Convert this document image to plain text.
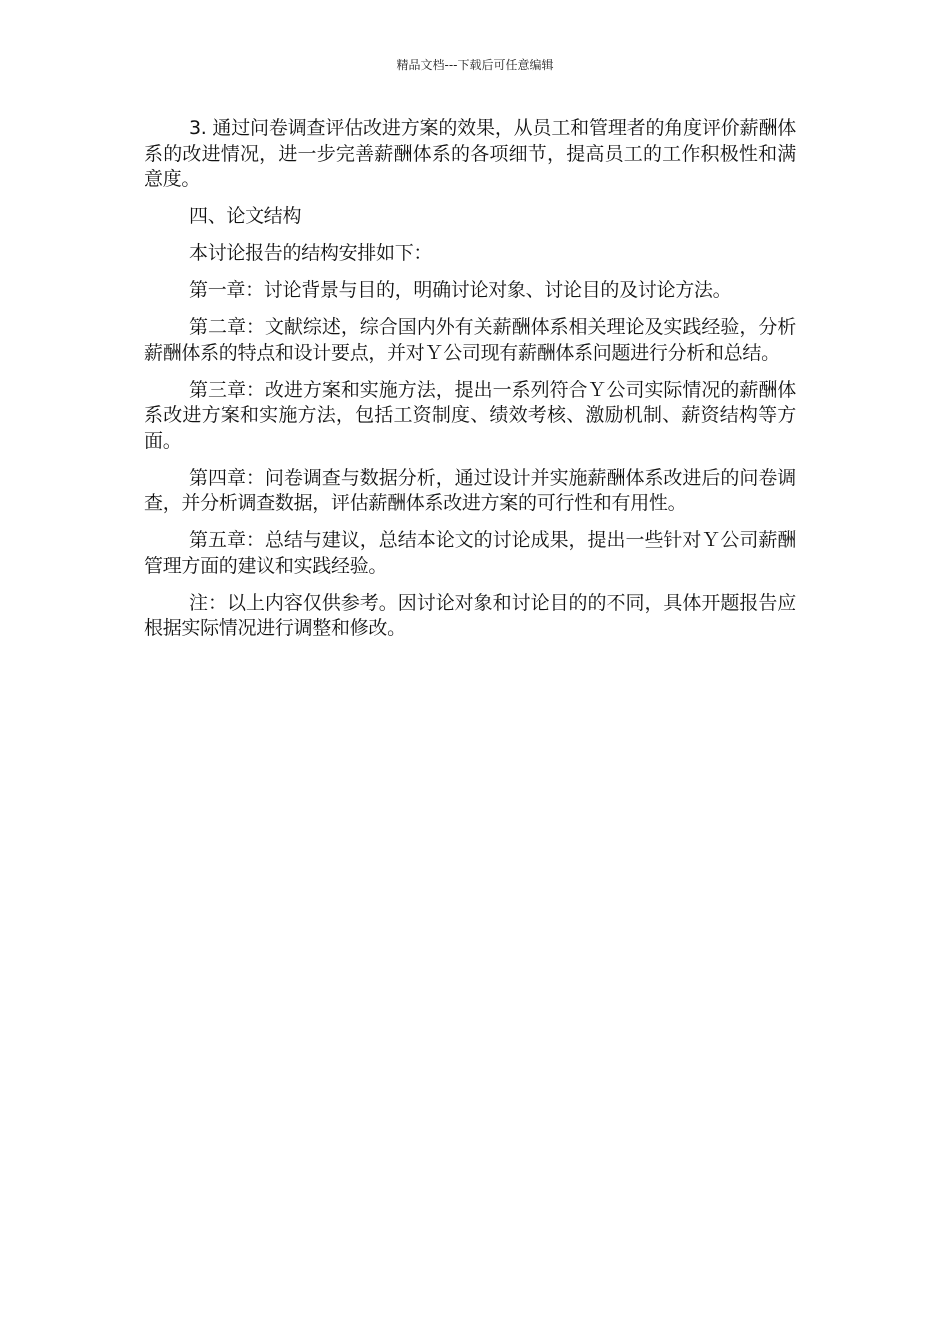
精品文档---下载后可任意编辑

3. 通过问卷调查评估改进方案的效果，从员工和管理者的角度评价薪酬体系的改进情况，进一步完善薪酬体系的各项细节，提高员工的工作积极性和满意度。

四、论文结构

本讨论报告的结构安排如下：

第一章：讨论背景与目的，明确讨论对象、讨论目的及讨论方法。

第二章：文献综述，综合国内外有关薪酬体系相关理论及实践经验，分析薪酬体系的特点和设计要点，并对Ｙ公司现有薪酬体系问题进行分析和总结。

第三章：改进方案和实施方法，提出一系列符合Ｙ公司实际情况的薪酬体系改进方案和实施方法，包括工资制度、绩效考核、激励机制、薪资结构等方面。

第四章：问卷调查与数据分析，通过设计并实施薪酬体系改进后的问卷调查，并分析调查数据，评估薪酬体系改进方案的可行性和有用性。

第五章：总结与建议，总结本论文的讨论成果，提出一些针对Ｙ公司薪酬管理方面的建议和实践经验。

注：以上内容仅供参考。因讨论对象和讨论目的的不同，具体开题报告应根据实际情况进行调整和修改。
